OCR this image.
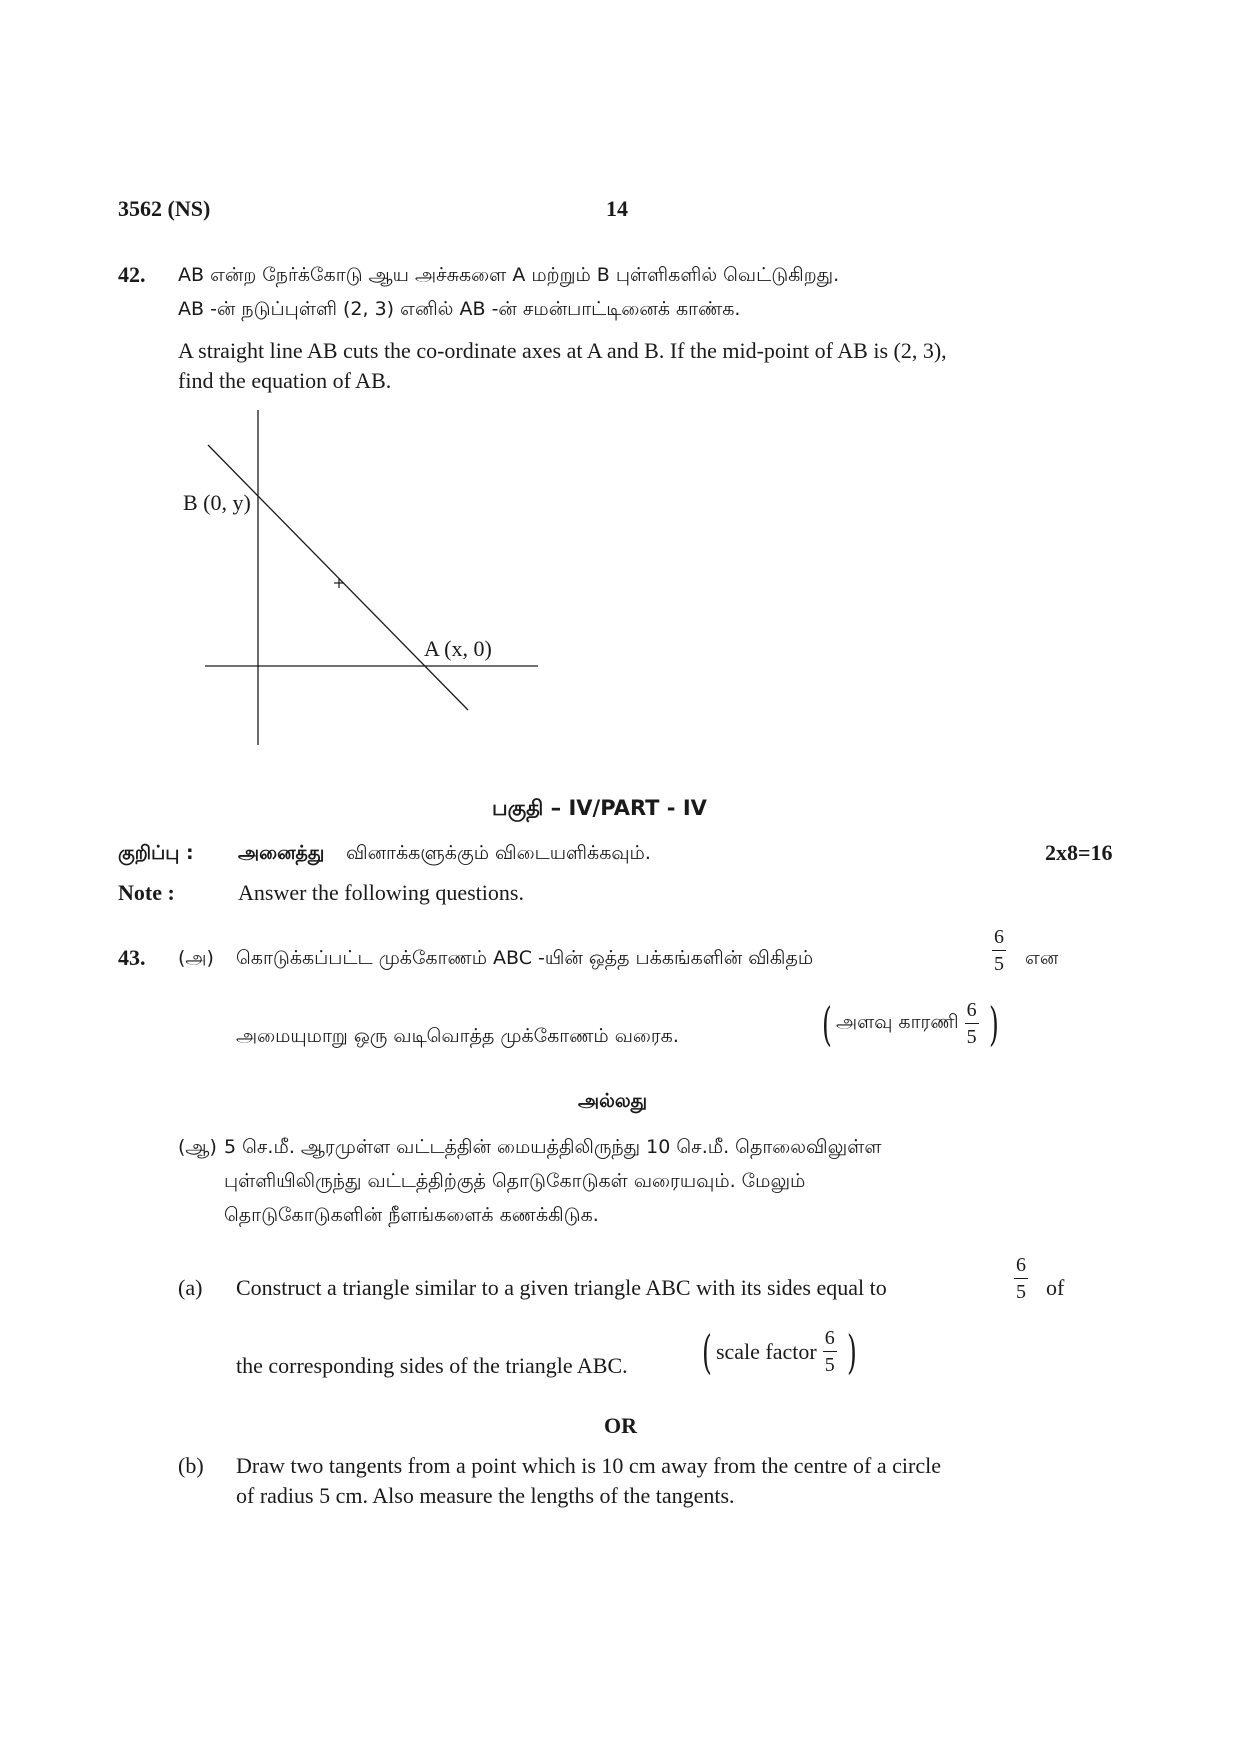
3562 (NS)	14
42. AB என்ற நேர்க்கோடு ஆய அச்சுகளை A மற்றும் B புள்ளிகளில் வெட்டுகிறது.
AB -ன் நடுப்புள்ளி (2, 3) எனில் AB -ன் சமன்பாட்டினைக் காண்க.
A straight line AB cuts the co-ordinate axes at A and B. If the mid-point of AB is (2, 3),
find the equation of AB.
B (0, y)
A (x, 0)
பகுதி – IV/PART - IV
குறிப்பு : அனைத்து வினாக்களுக்கும் விடையளிக்கவும்.	2x8=16
Note :	Answer the following questions.
43. (அ) கொடுக்கப்பட்ட முக்கோணம் ABC -யின் ஒத்த பக்கங்களின் விகிதம்	$\frac{6}{5}$ என
அமையுமாறு ஒரு வடிவொத்த முக்கோணம் வரைக.	( அளவு காரணி $\frac{6}{5}$ )
அல்லது
(ஆ) 5 செ.மீ. ஆரமுள்ள வட்டத்தின் மையத்திலிருந்து 10 செ.மீ. தொலைவிலுள்ள
புள்ளியிலிருந்து வட்டத்திற்குத் தொடுகோடுகள் வரையவும். மேலும்
தொடுகோடுகளின் நீளங்களைக் கணக்கிடுக.
(a) Construct a triangle similar to a given triangle ABC with its sides equal to	$\frac{6}{5}$ of
the corresponding sides of the triangle ABC. ( scale factor $\frac{6}{5}$ )
OR
(b) Draw two tangents from a point which is 10 cm away from the centre of a circle
of radius 5 cm. Also measure the lengths of the tangents.
